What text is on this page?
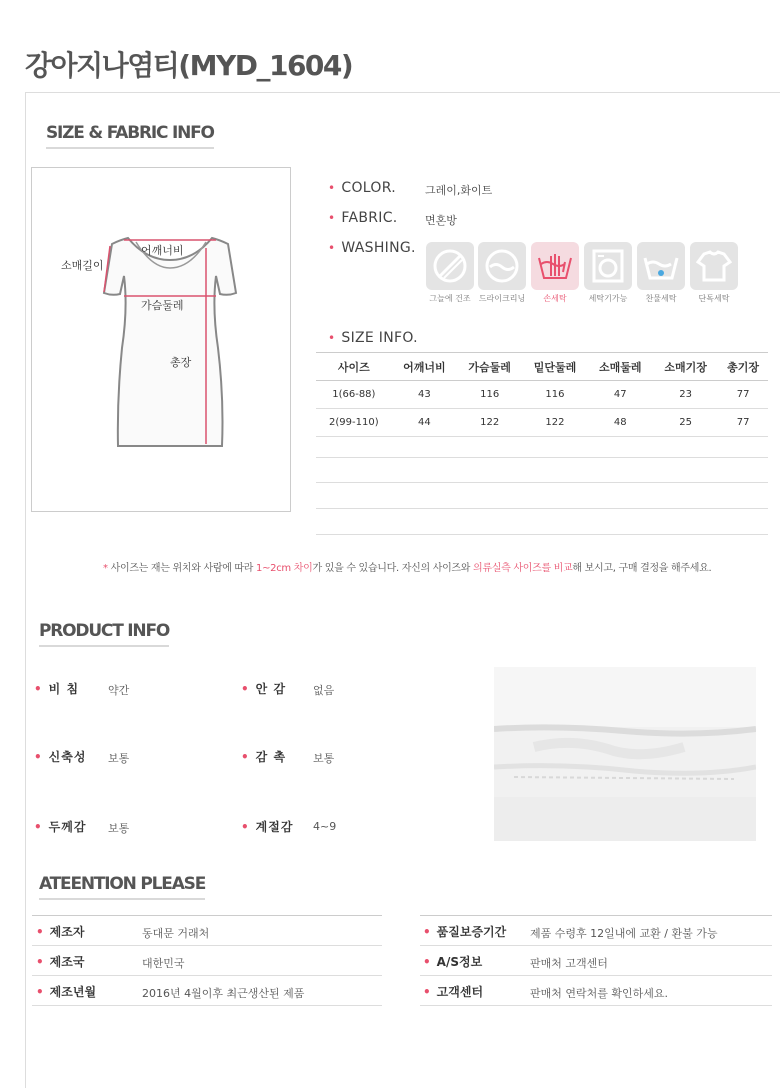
강아지나염티(MYD_1604)
SIZE & FABRIC INFO
소매길이
어깨너비
가슴둘레
총장
• COLOR.	그레이,화이트
• FABRIC. 면혼방
• WASHING.
그늘에 건조	드라이크리닝	손세탁	세탁기가능	찬물세탁	단독세탁
• SIZE INFO.
사이즈	어깨너비	가슴둘레	밑단둘레	소매둘레	소매기장	총기장
1(66-88)	43	116	116	47	23	77
2(99-110)	44	122	122	48	25	77
* 사이즈는 재는 위치와 사람에 따라 1~2cm 차이가 있을 수 있습니다. 자신의 사이즈와 의류실측 사이즈를 비교해 보시고, 구매 결정을 해주세요.
PRODUCT INFO
• 비 침	약간	• 안 감 없음
• 신축성 보통	• 감 촉 보통
• 두께감 보통	• 계절감 4~9
ATEENTION PLEASE
• 제조자	동대문 거래처
• 제조국	대한민국
• 제조년월	2016년 4월이후 최근생산된 제품
• 품질보증기간 제품 수령후 12일내에 교환 / 환불 가능
• A/S정보	판매처 고객센터
• 고객센터	판매처 연락처를 확인하세요.
